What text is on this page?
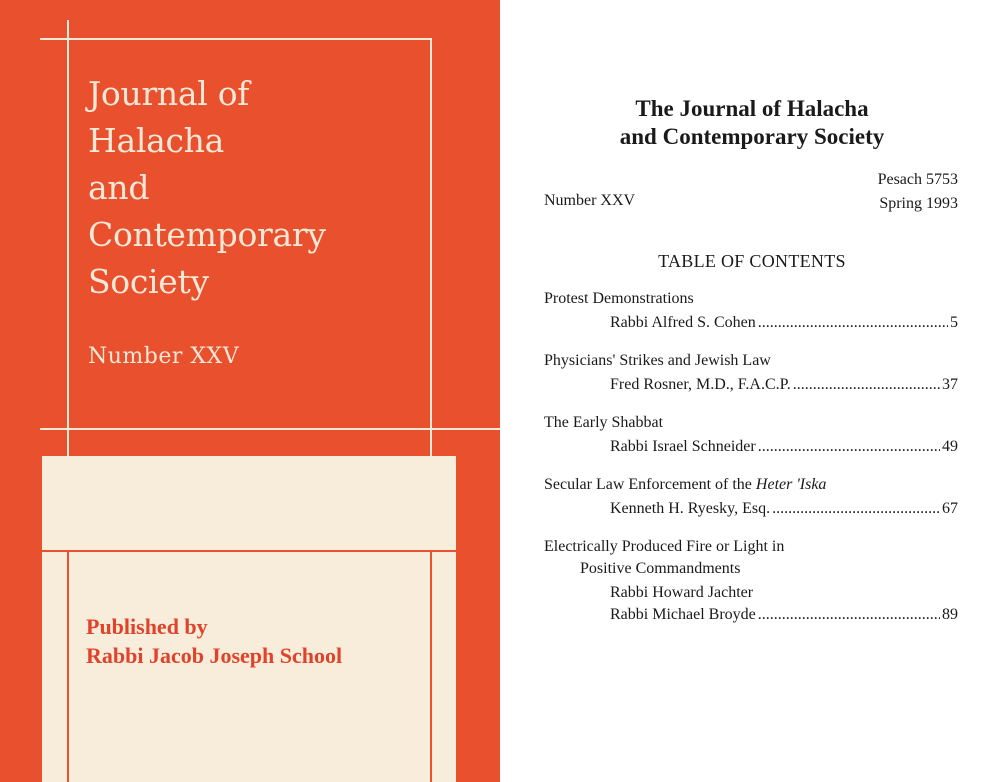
Journal of
Halacha
and
Contemporary
Society
Number XXV
Published by
Rabbi Jacob Joseph School
The Journal of Halacha
and Contemporary Society
Number XXV
Pesach 5753
Spring 1993
TABLE OF CONTENTS
Protest Demonstrations
Rabbi Alfred S. Cohen .....	5
Physicians' Strikes and Jewish Law
Fred Rosner, M.D., F.A.C.P. .....	37
The Early Shabbat
Rabbi Israel Schneider .....	49
Secular Law Enforcement of the Heter 'Iska
Kenneth H. Ryesky, Esq. .....	67
Electrically Produced Fire or Light in
Positive Commandments
Rabbi Howard Jachter
Rabbi Michael Broyde .....	89
